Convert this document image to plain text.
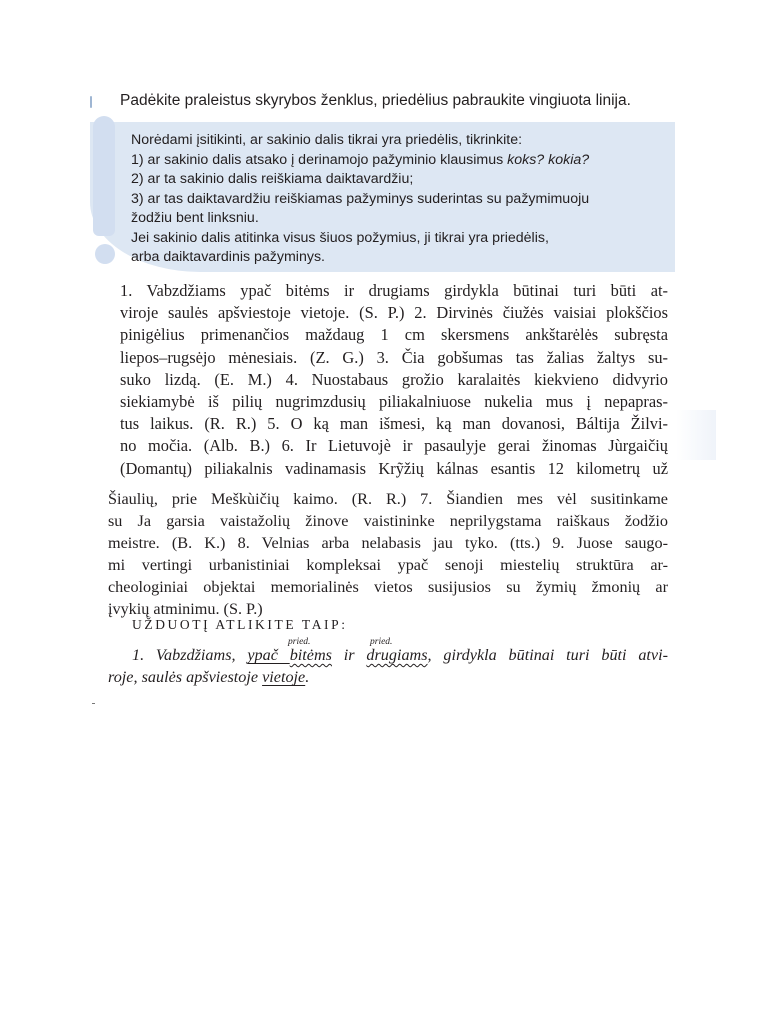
Padėkite praleistus skyrybos ženklus, priedėlius pabraukite vingiuota linija.
Norėdami įsitikinti, ar sakinio dalis tikrai yra priedėlis, tikrinkite:
1) ar sakinio dalis atsako į derinamojo pažyminio klausimus koks? kokia?
2) ar ta sakinio dalis reiškiama daiktavardžiu;
3) ar tas daiktavardžiu reiškiamas pažyminys suderintas su pažymimuoju
žodžiu bent linksniu.
Jei sakinio dalis atitinka visus šiuos požymius, ji tikrai yra priedėlis,
arba daiktavardinis pažyminys.
1. Vabzdžiams ypač bitėms ir drugiams girdykla būtinai turi būti at-
viroje saulės apšviestoje vietoje. (S. P.) 2. Dirvinės čiužės vaisiai plokščios
pinigėlius primenančios maždaug 1 cm skersmens ankštarėlės subręsta
liepos–rugsėjo mėnesiais. (Z. G.) 3. Čia gobšumas tas žalias žaltys su-
suko lizdą. (E. M.) 4. Nuostabaus grožio karalaitės kiekvieno didvyrio
siekiamybė iš pilių nugrimzdusių piliakalniuose nukelia mus į nepapras-
tus laikus. (R. R.) 5. O ką man išmesi, ką man dovanosi, Báltija Žilvi-
no močia. (Alb. B.) 6. Ir Lietuvojè ir pasaulyje gerai žinomas Jùrgaičių
(Domantų) piliakalnis vadinamasis Krỹžių kálnas esantis 12 kilometrų už
Šiaulių, prie Meškùičių kaimo. (R. R.) 7. Šiandien mes vėl susitinkame
su Ja garsia vaistažolių žinove vaistininke neprilygstama raiškaus žodžio
meistre. (B. K.) 8. Velnias arba nelabasis jau tyko. (tts.) 9. Juose saugo-
mi vertingi urbanistiniai kompleksai ypač senoji miestelių struktūra ar-
cheologiniai objektai memorialinės vietos susijusios su žymių žmonių ar
įvykių atminimu. (S. P.)
UŽDUOTĮ ATLIKITE TAIP:
pried.	pried.
1. Vabzdžiams, ypač bitėms ir drugiams, girdykla būtinai turi būti atvi-
roje, saulės apšviestoje vietoje.
